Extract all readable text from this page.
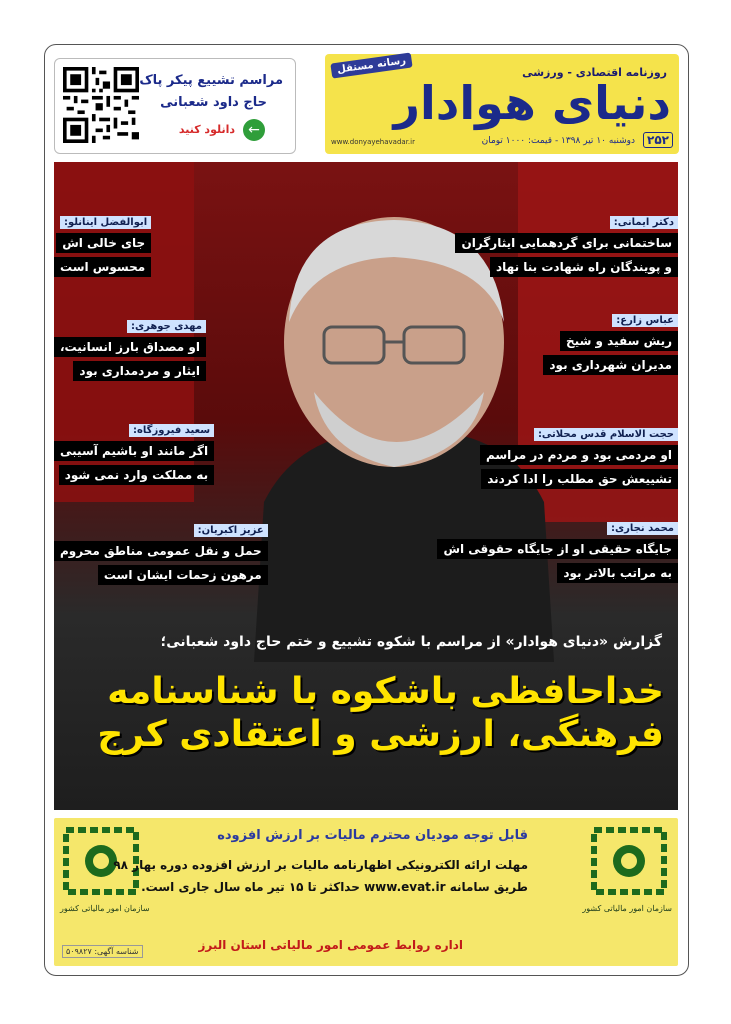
رسانه مستقل	روزنامه اقتصادی - ورزشی
دنیای هوادار
۲۵۲
دوشنبه ۱۰ تیر ۱۳۹۸ - قیمت: ۱۰۰۰ تومان
www.donyayehavadar.ir
مراسم تشییع پیکر پاک
حاج داود شعبانی
دانلود کنید ←
دکتر ایمانی:
ساختمانی برای گردهمایی ایثارگران
و پویندگان راه شهادت بنا نهاد
عباس زارع:
ریش سفید و شیخ
مدیران شهرداری بود
حجت الاسلام قدس محلاتی:
او مردمی بود و مردم در مراسم
تشییعش حق مطلب را ادا کردند
محمد نجاری:
جایگاه حقیقی او از جایگاه حقوقی اش
به مراتب بالاتر بود
ابوالفضل اینانلو:
جای خالی اش
محسوس است
مهدی جوهری:
او مصداق بارز انسانیت،
ایثار و مردمداری بود
سعید فیروزگاه:
اگر مانند او باشیم آسیبی
به مملکت وارد نمی شود
عزیز اکبریان:
حمل و نقل عمومی مناطق محروم
مرهون زحمات ایشان است
گزارش «دنیای هوادار» از مراسم با شکوه تشییع و ختم حاج داود شعبانی؛
خداحافظی باشکوه با شناسنامه
فرهنگی، ارزشی و اعتقادی کرج
سازمان امور مالیاتی کشور
سازمان امور مالیاتی کشور
قابل توجه مودیان محترم مالیات بر ارزش افزوده
مهلت ارائه الکترونیکی اظهارنامه مالیات بر ارزش افزوده دوره بهار ۹۸
طریق سامانه www.evat.ir حداکثر تا ۱۵ تیر ماه سال جاری است.
اداره روابط عمومی امور مالیاتی استان البرز
شناسه آگهی: ۵۰۹۸۲۷
